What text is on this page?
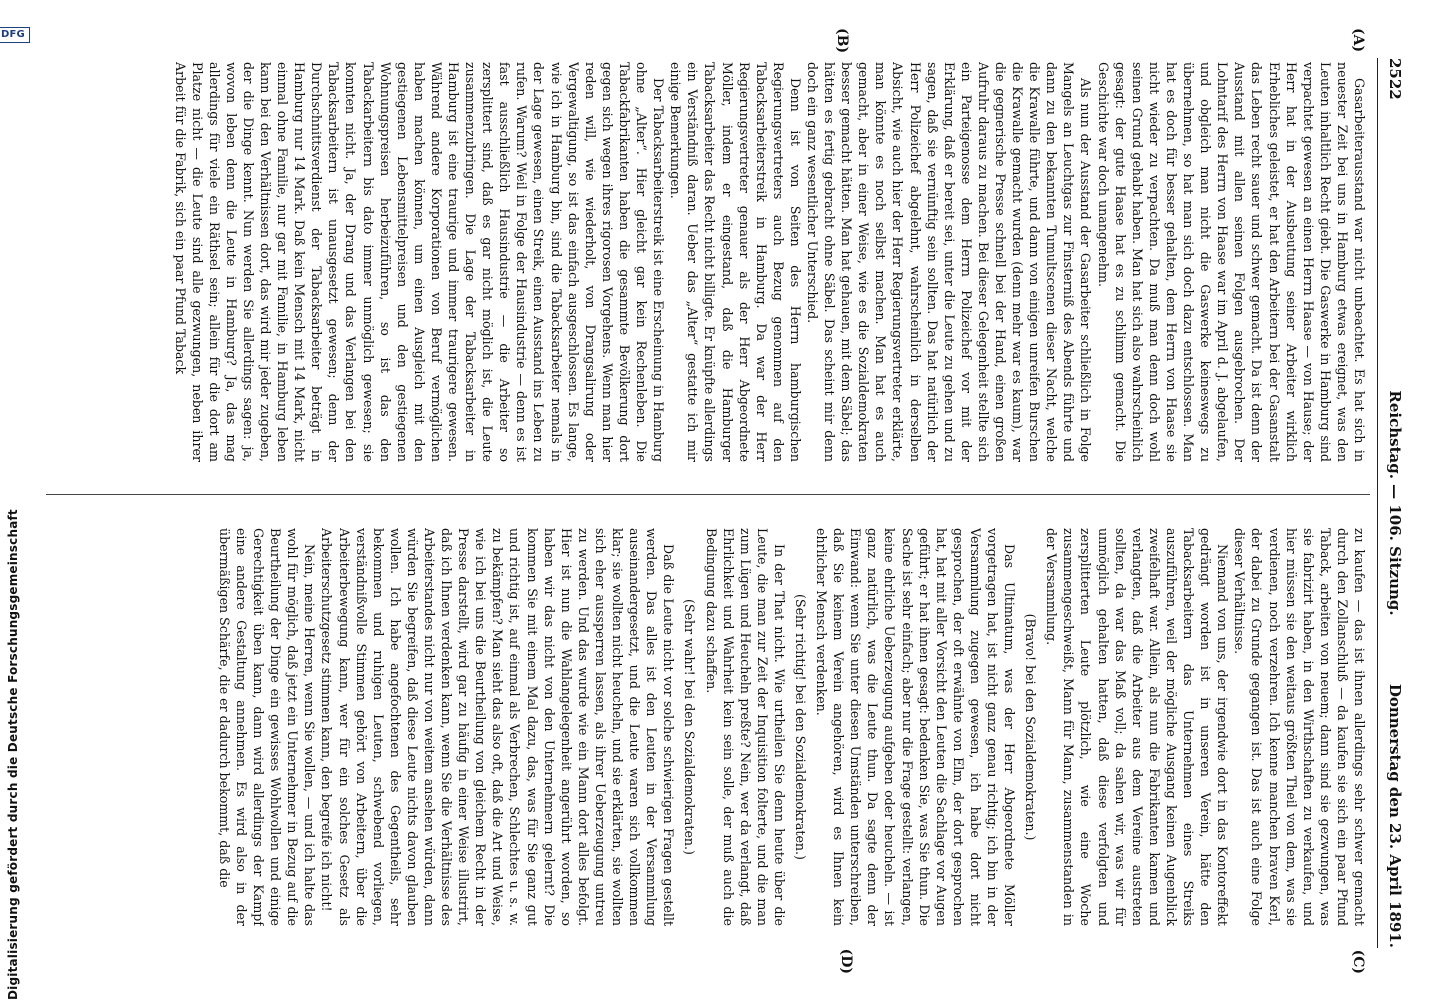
2522
Reichstag. — 106. Sitzung.
Donnerstag den 23. April 1891.
(A)
(B)
(C)
(D)

Gasarbeiterausstand war nicht unbeachtet. Es hat sich in neuester Zeit bei uns in Hamburg etwas ereignet, was den Leuten inhaltlich Recht giebt. Die Gaswerke in Hamburg sind verpachtet gewesen an einen Herrn Haase — von Hause; der Herr hat in der Ausbeutung seiner Arbeiter wirklich Erhebliches geleistet, er hat den Arbeitern bei der Gasanstalt das Leben recht sauer und schwer gemacht. Da ist denn der Ausstand mit allen seinen Folgen ausgebrochen. Der Lohntarif des Herrn von Haase war im April d. J. abgelaufen, und obgleich man nicht die Gaswerke keineswegs zu übernehmen, so hat man sich doch dazu entschlossen. Man hat es doch für besser gehalten, dem Herrn von Haase sie nicht wieder zu verpachten. Da muß man denn doch wohl seinen Grund gehabt haben. Man hat sich also wahrscheinlich gesagt: der gute Haase hat es zu schlimm gemacht. Die Geschichte war doch unangenehm.

Als nun der Ausstand der Gasarbeiter schließlich in Folge Mangels an Leuchtgas zur Finsterniß des Abends führte und dann zu den bekannten Tumultscenen dieser Nacht, welche die Krawalle führte, und dann von einigen unreifen Burschen die Krawalle gemacht wurden (denn mehr war es kaum), war die gegnerische Presse schnell bei der Hand, einen großen Aufruhr daraus zu machen. Bei dieser Gelegenheit stellte sich ein Parteigenosse dem Herrn Polizeichef vor mit der Erklärung, daß er bereit sei, unter die Leute zu gehen und zu sagen, daß sie vernünftig sein sollten. Das hat natürlich der Herr Polizeichef abgelehnt, wahrscheinlich in derselben Absicht, wie auch hier der Herr Regierungsvertreter erklärte, man könnte es noch selbst machen. Man hat es auch gemacht, aber in einer Weise, wie es die Sozialdemokraten besser gemacht hätten. Man hat gehauen, mit dem Säbel; das hätten es fertig gebracht ohne Säbel. Das scheint mir denn doch ein ganz wesentlicher Unterschied.

Denn ist von Seiten des Herrn hamburgischen Regierungsvertreters auch Bezug genommen auf den Tabacksarbeiterstreik in Hamburg. Da war der Herr Regierungsvertreter genauer als der Herr Abgeordnete Möller, indem er eingestand, daß die Hamburger Tabacksarbeiter das Recht nicht billigte. Er knüpfte allerdings ein Verständniß daran. Ueber das „Alter“ gestatte ich mir einige Bemerkungen.

Der Tabacksarbeiterstreik ist eine Erscheinung in Hamburg ohne „Alter“. Hier gleicht gar kein Rechenleben. Die Tabackfabrikanten haben die gesammte Bevölkerung dort gegen sich wegen ihres rigorosen Vorgehens. Wenn man hier reden will, wie wiederholt, von Drangsalirung oder Vergewaltigung, so ist das einfach ausgeschlossen. Es lange, wie ich in Hamburg bin, sind die Tabacksarbeiter nemals in der Lage gewesen, einen Streik, einen Ausstand ins Leben zu rufen. Warum? Weil in Folge der Hausindustrie — denn es ist fast ausschließlich Hausindustrie — die Arbeiter so zersplittert sind, daß es gar nicht möglich ist, die Leute zusammenzubringen. Die Lage der Tabacksarbeiter in Hamburg ist eine traurige und immer traurigere gewesen. Während andere Korporationen von Beruf vermöglichen haben machen können, um einen Ausgleich mit den gestiegenen Lebensmittelpreisen und den gestiegenen Wohnungspreisen herbeizuführen, so ist das den Tabackarbeitern bis dato immer unmöglich gewesen; sie konnten nicht. Ja, der Drang und das Verlangen bei den Tabacksarbeitern ist unausgesetzt gewesen; denn der Durchschnittsverdienst der Tabacksarbeiter beträgt in Hamburg nur 14 Mark. Daß kein Mensch mit 14 Mark, nicht einmal ohne Familie, nur gar mit Familie, in Hamburg leben kann bei den Verhältnissen dort, das wird mir jeder zugeben, der die Dinge kennt. Nun werden Sie allerdings sagen: ja, wovon leben denn die Leute in Hamburg? Ja, das mag allerdings für viele ein Räthsel sein; allein für die dort am Platze nicht — die Leute sind alle gezwungen, neben ihrer Arbeit für die Fabrik, sich ein paar Pfund Taback

zu kaufen — das ist ihnen allerdings sehr schwer gemacht durch den Zollanschluß — da kaufen sie sich ein paar Pfund Taback, arbeiten von neuem; dann sind sie gezwungen, was sie fabrizirt haben, in den Wirthschaften zu verkaufen, und hier müssen sie den weitaus größten Theil von dem, was sie verdienen, noch verzehren. Ich kenne manchen braven Kerl, der dabei zu Grunde gegangen ist. Das ist auch eine Folge dieser Verhältnisse.

Niemand von uns, der irgendwie dort in das Kontoreffekt gedrängt worden ist in unseren Verein, hätte den Tabacksarbeitern das Unternehmen eines Streiks auszuführen, weil der mögliche Ausgang keinen Augenblick zweifelhaft war. Allein, als nun die Fabrikanten kamen und verlangten, daß die Arbeiter aus dem Vereine austreten sollten, da war das Maß voll; da sahen wir, was wir für unmöglich gehalten hatten, daß diese verfolgten und zersplitterten Leute plötzlich, wie eine Woche zusammengeschweißt, Mann für Mann, zusammenstanden in der Versammlung.

(Bravo! bei den Sozialdemokraten.)

Das Ultimatum, was der Herr Abgeordnete Möller vorgetragen hat, ist nicht ganz genau richtig; ich bin in der Versammlung zugegen gewesen, ich habe dort nicht gesprochen, der oft erwähnte von Elm, der dort gesprochen hat, hat mit aller Vorsicht den Leuten die Sachlage vor Augen geführt; er hat ihnen gesagt: bedenken Sie, was Sie thun. Die Sache ist sehr einfach; aber nur die Frage gestellt: verlangen, keine ehrliche Ueberzeugung aufgeben oder heucheln. — ist ganz natürlich, was die Leute thun. Da sagte denn der Einwand: wenn Sie unter diesen Umständen unterschreiben, daß Sie keinem Verein angehören, wird es Ihnen kein ehrlicher Mensch verdenken.

(Sehr richtig! bei den Sozialdemokraten.)

In der That nicht. Wie urtheilen Sie denn heute über die Leute, die man zur Zeit der Inquisition folterte, und die man zum Lügen und Heucheln preßte? Nein, wer da verlangt, daß Ehrlichkeit und Wahrheit kein sein solle, der muß auch die Bedingung dazu schaffen.

(Sehr wahr! bei den Sozialdemokraten.)

Daß die Leute nicht vor solche schwierigen Fragen gestellt werden. Das alles ist den Leuten in der Versammlung auseinandergesetzt, und die Leute waren sich vollkommen klar; sie wollten nicht heucheln, und sie erklärten, sie wollten sich eher aussperren lassen, als ihrer Ueberzeugung untreu zu werden. Und das wurde wie ein Mann dort alles befolgt. Hier ist nun die Wahlangelegenheit angerührt worden, so haben wir das nicht von den Unternehmern gelernt? Die kommen Sie mit einem Mal dazu, das, was für Sie ganz gut und richtig ist, auf einmal als Verbrechen, Schlechtes u. s. w. zu bekämpfen? Man sieht das also oft, daß die Art und Weise, wie ich bei uns die Beurtheilung von gleichem Recht in der Presse darstellt, wird gar zu häufig in einer Weise illustrirt, daß ich Ihnen verdenken kann, wenn Sie die Verhältnisse des Arbeiterstandes nicht nur von weitem ansehen würden, dann würden Sie begreifen, daß diese Leute nichts davon glauben wollen. Ich habe angefochtenen des Gegentheils, sehr bekommen und ruhigen Leuten, schwebend vorliegen, verständnißvolle Stimmen gehört von Arbeitern, über die Arbeiterbewegung kann, wer für ein solches Gesetz als Arbeiterschutzgesetz stimmen kann, den begreife ich nicht!

Nein, meine Herren, wenn Sie wollen, — und ich halte das wohl für möglich, daß jetzt ein Unternehmer in Bezug auf die Beurtheilung der Dinge ein gewisses Wohlwollen und einige Gerechtigkeit üben kann, dann wird allerdings der Kampf eine andere Gestaltung annehmen. Es wird also in der übermäßigen Schärfe, die er dadurch bekommt, daß die

Digitalisierung gefördert durch die Deutsche Forschungsgemeinschaft
DFG
